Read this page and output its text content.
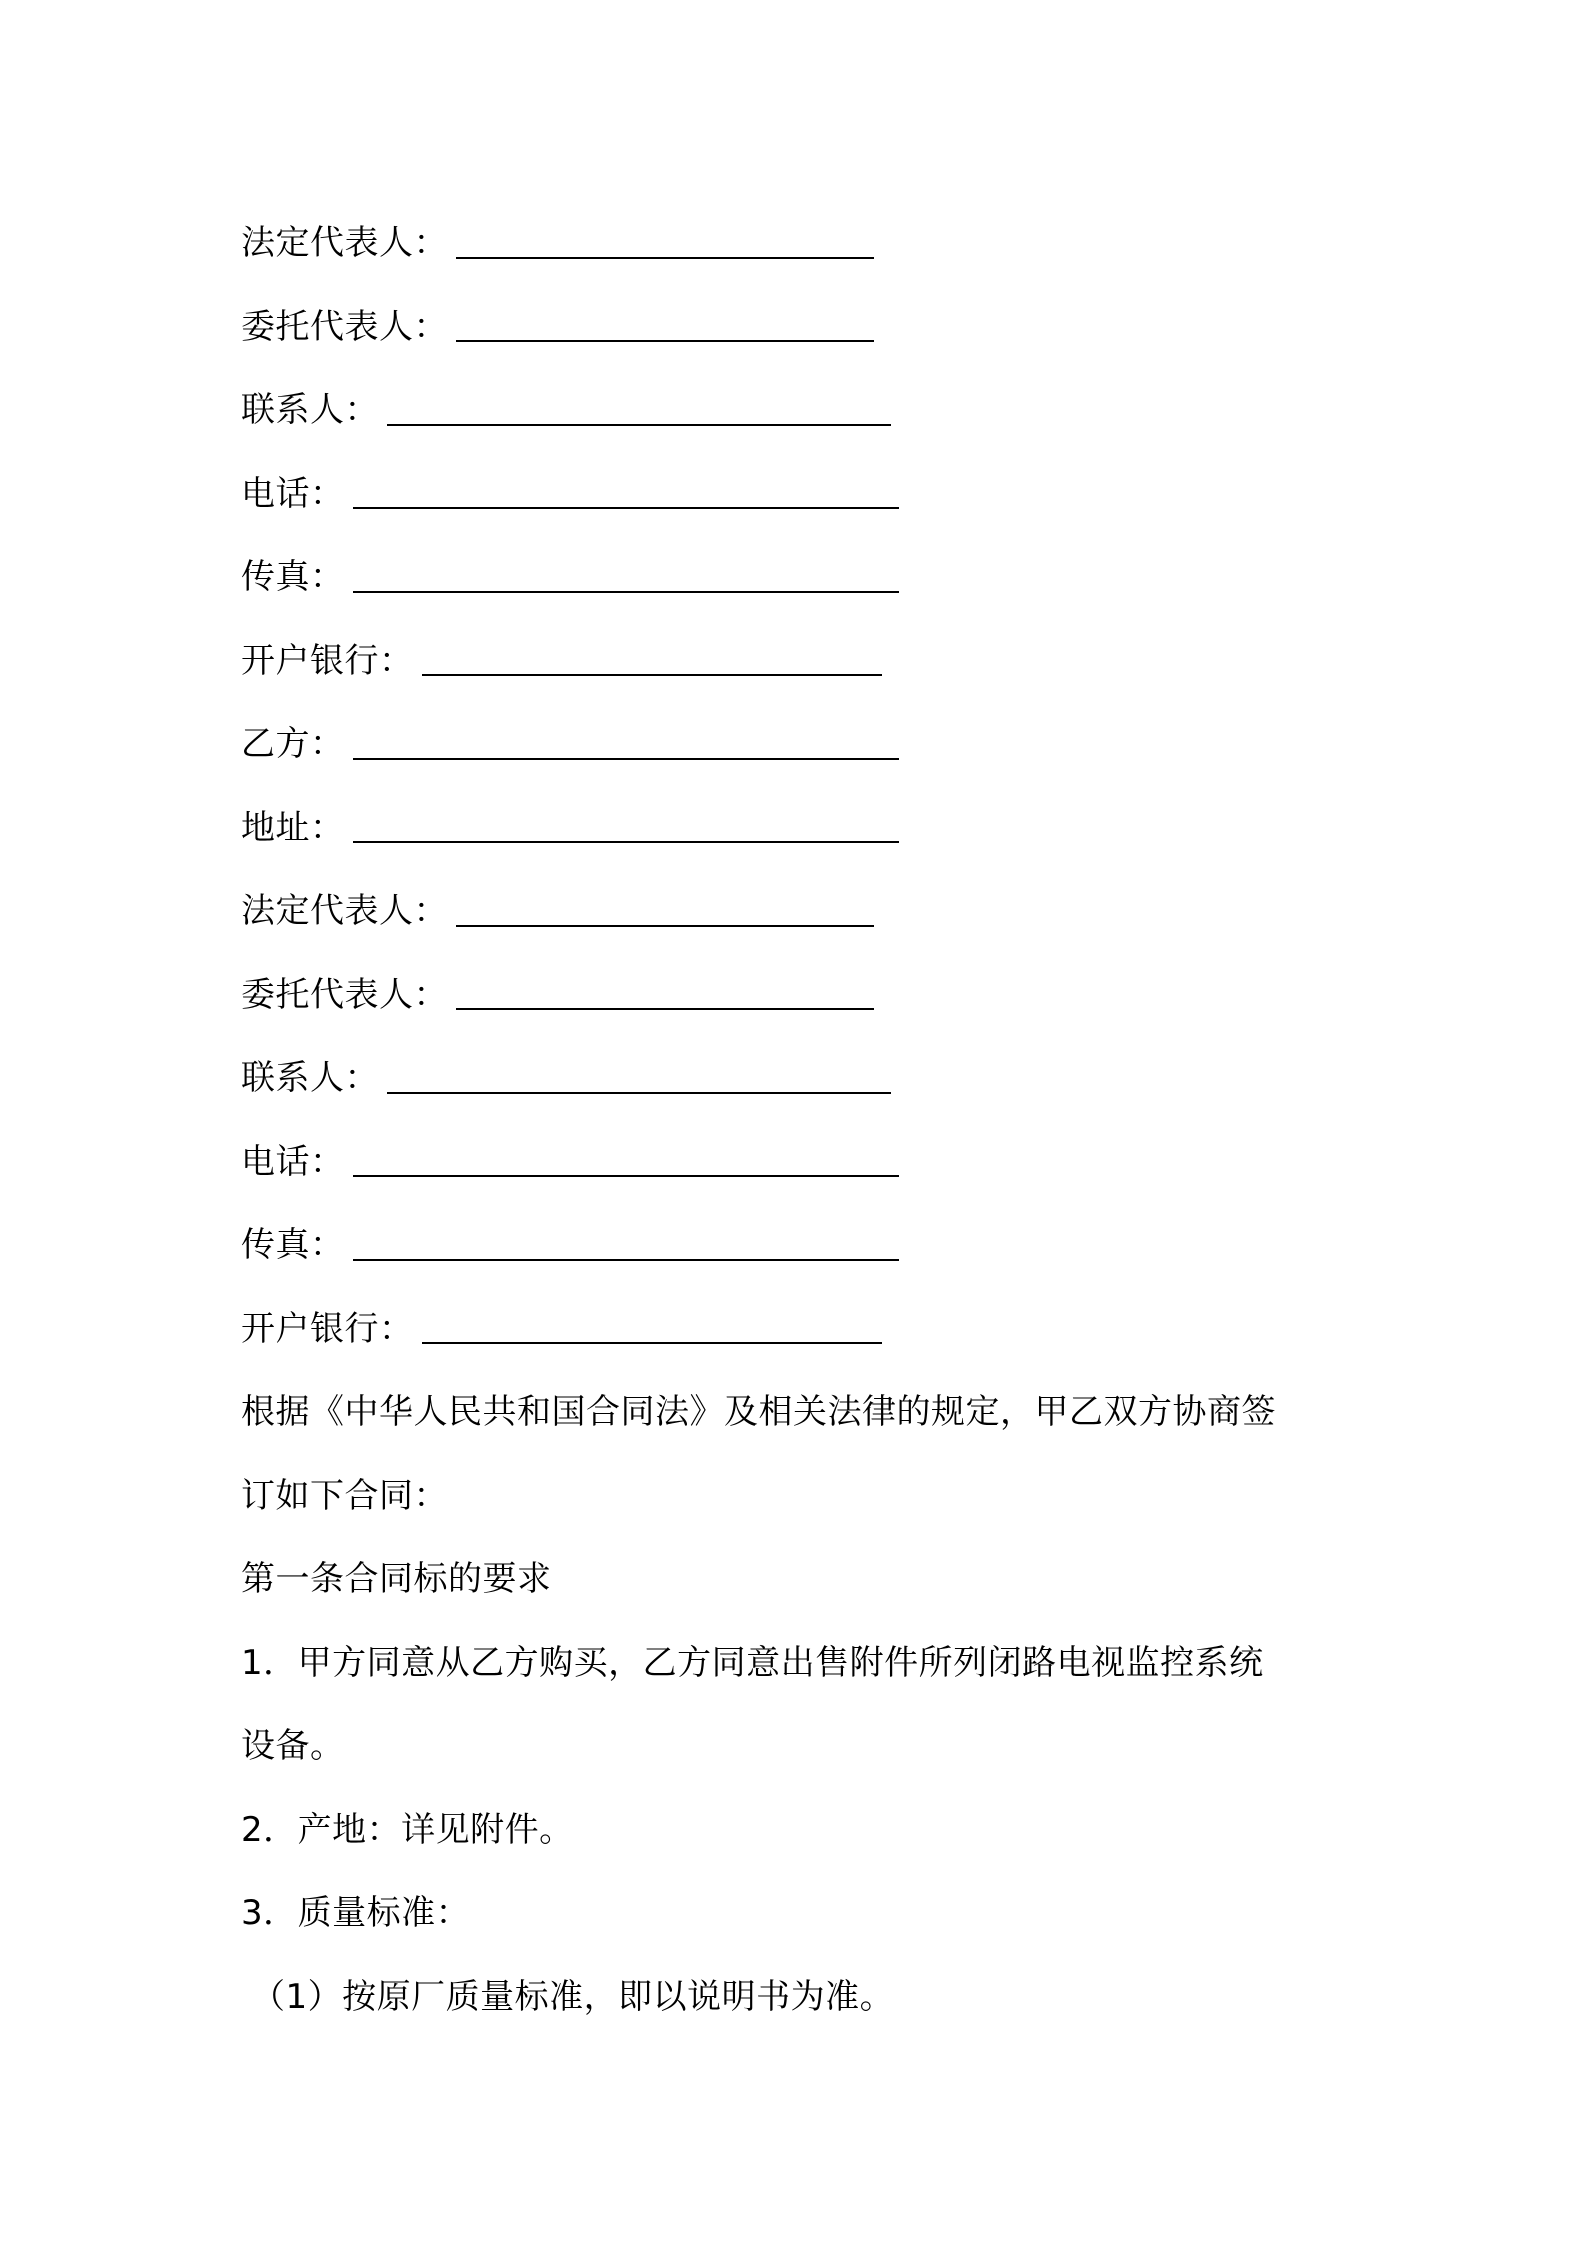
法定代表人：
委托代表人：
联系人：
电话：
传真：
开户银行：
乙方：
地址：
法定代表人：
委托代表人：
联系人：
电话：
传真：
开户银行：
根据《中华人民共和国合同法》及相关法律的规定，甲乙双方协商签
订如下合同：
第一条合同标的要求
1．甲方同意从乙方购买，乙方同意出售附件所列闭路电视监控系统
设备。
2．产地：详见附件。
3．质量标准：
（1）按原厂质量标准，即以说明书为准。
